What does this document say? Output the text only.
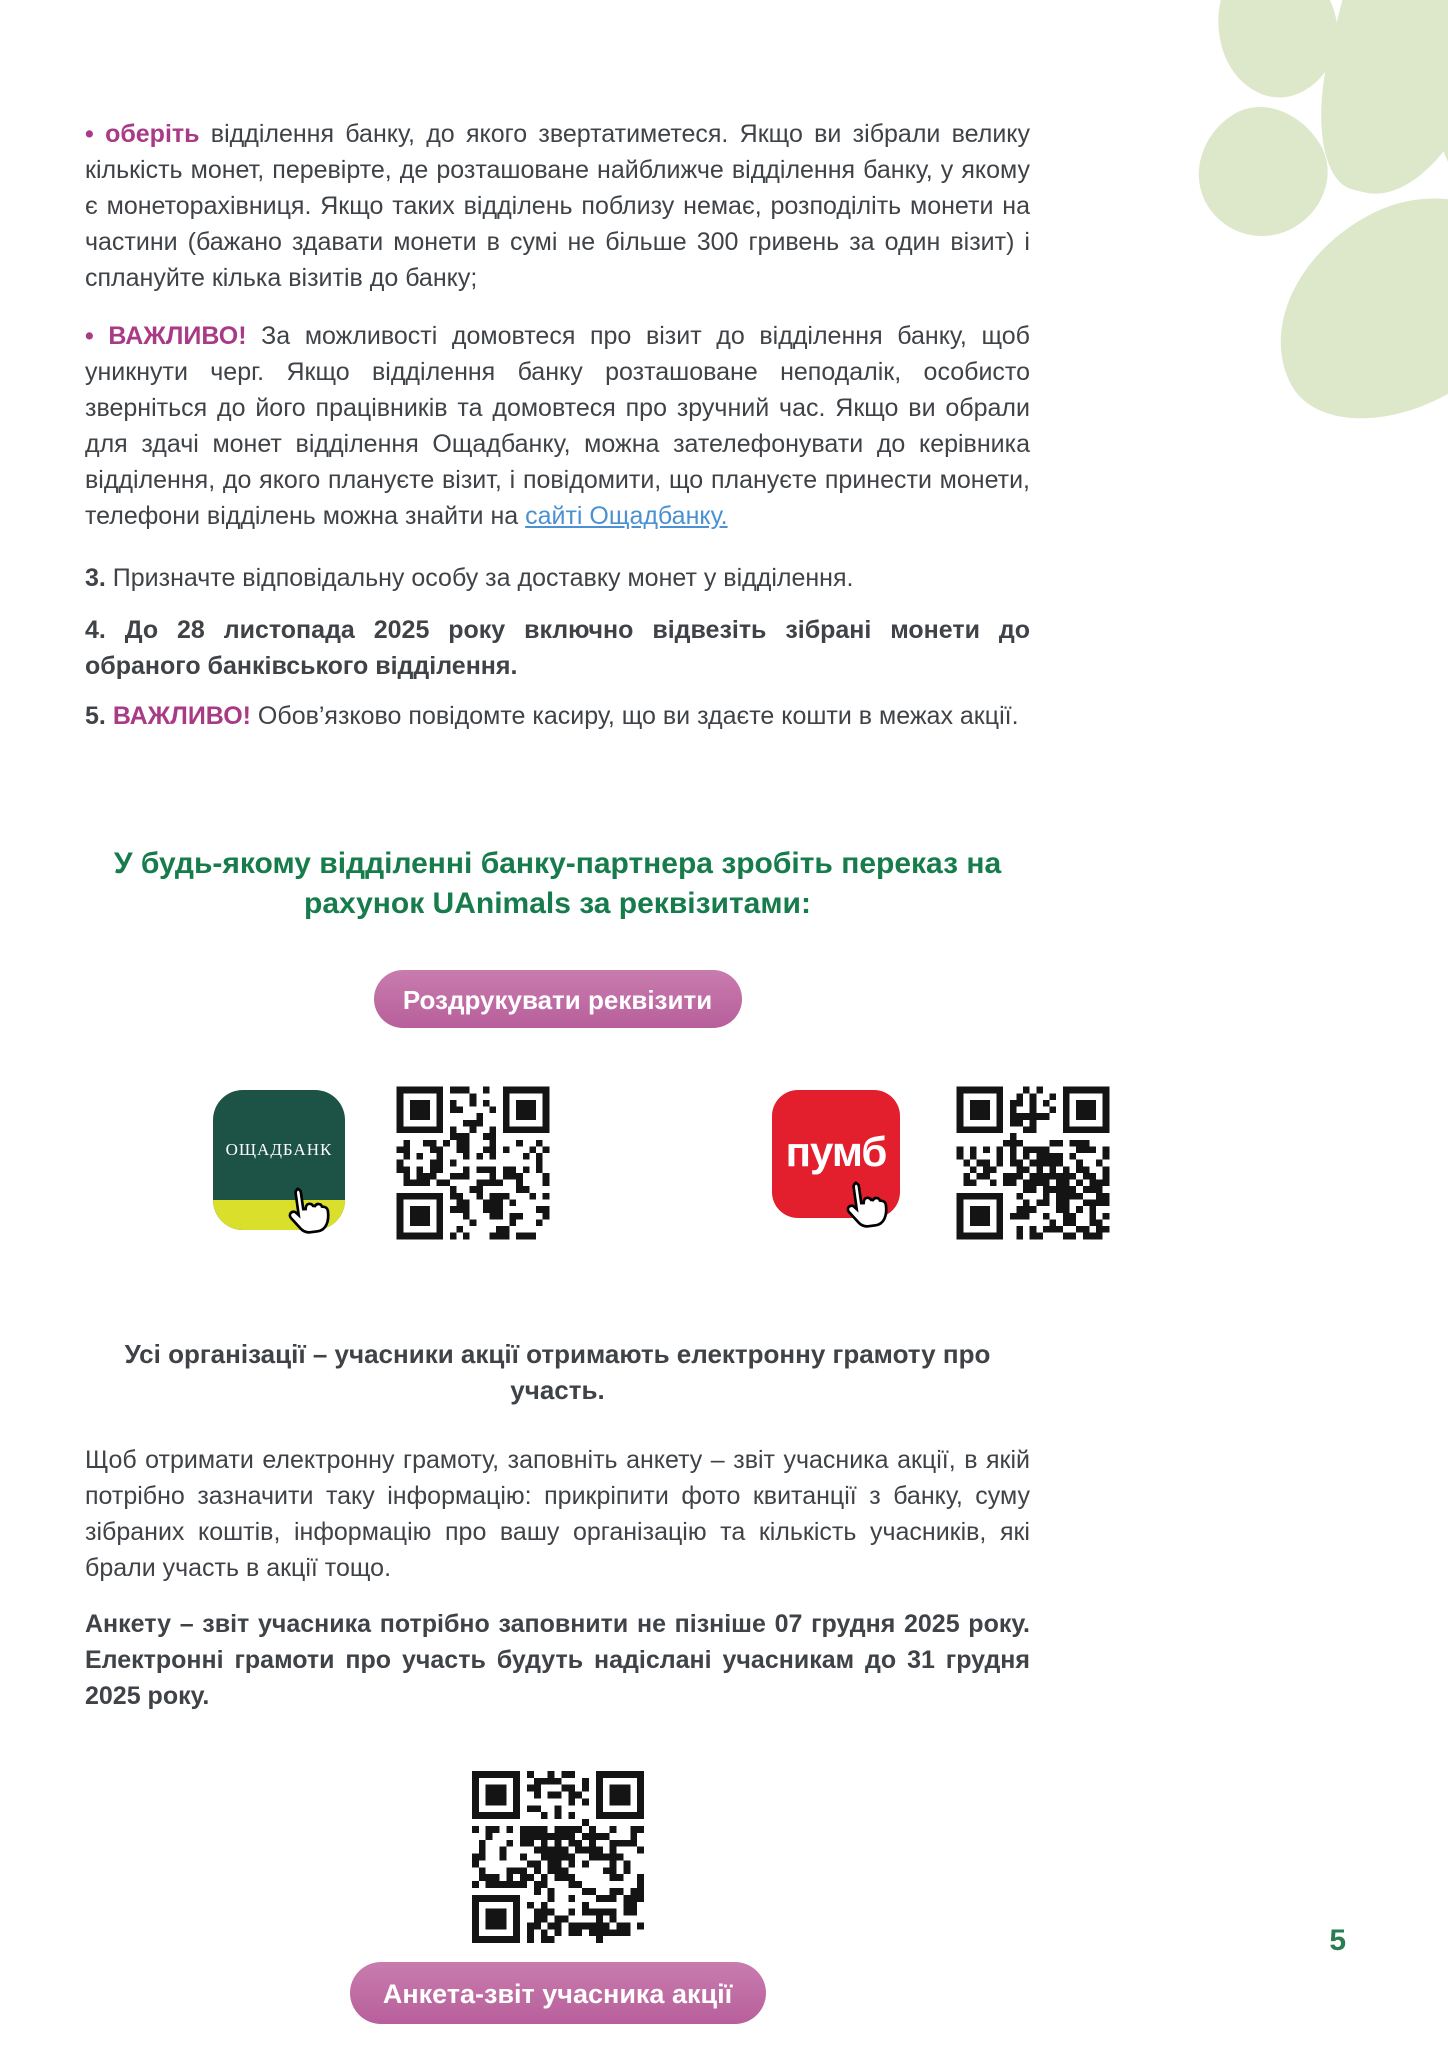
• оберіть відділення банку, до якого звертатиметеся. Якщо ви зібрали велику кількість монет, перевірте, де розташоване найближче відділення банку, у якому є монеторахівниця. Якщо таких відділень поблизу немає, розподіліть монети на частини (бажано здавати монети в сумі не більше 300 гривень за один візит) і сплануйте кілька візитів до банку;

• ВАЖЛИВО! За можливості домовтеся про візит до відділення банку, щоб уникнути черг. Якщо відділення банку розташоване неподалік, особисто зверніться до його працівників та домовтеся про зручний час. Якщо ви обрали для здачі монет відділення Ощадбанку, можна зателефонувати до керівника відділення, до якого плануєте візит, і повідомити, що плануєте принести монети, телефони відділень можна знайти на сайті Ощадбанку.

3. Призначте відповідальну особу за доставку монет у відділення.

4. До 28 листопада 2025 року включно відвезіть зібрані монети до обраного банківського відділення.

5. ВАЖЛИВО! Обов’язково повідомте касиру, що ви здаєте кошти в межах акції.

У будь-якому відділенні банку-партнера зробіть переказ на рахунок UAnimals за реквізитами:
Роздрукувати реквізити
ОЩАДБАНК	пумб
Усі організації – учасники акції отримають електронну грамоту про участь.

Щоб отримати електронну грамоту, заповніть анкету – звіт учасника акції, в якій потрібно зазначити таку інформацію: прикріпити фото квитанції з банку, суму зібраних коштів, інформацію про вашу організацію та кількість учасників, які брали участь в акції тощо.

Анкету – звіт учасника потрібно заповнити не пізніше 07 грудня 2025 року. Електронні грамоти про участь будуть надіслані учасникам до 31 грудня 2025 року.

Анкета-звіт учасника акції
5
